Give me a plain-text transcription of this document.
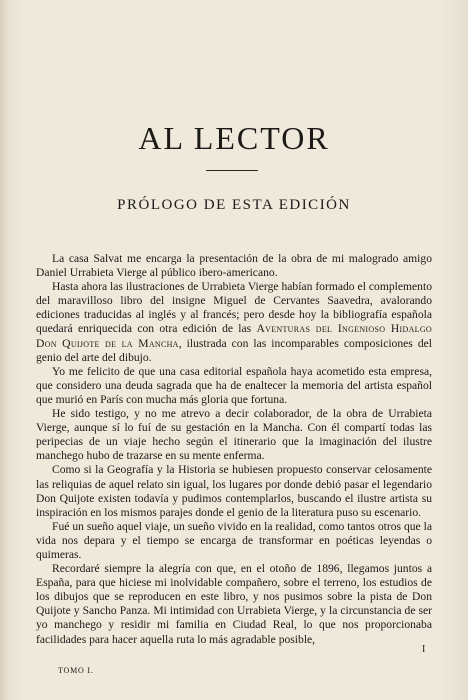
AL LECTOR
PRÓLOGO DE ESTA EDICIÓN

La casa Salvat me encarga la presentación de la obra de mi malogrado amigo Daniel Urrabieta Vierge al público ibero-americano.

Hasta ahora las ilustraciones de Urrabieta Vierge habían formado el complemento del maravilloso libro del insigne Miguel de Cervantes Saavedra, avalorando ediciones traducidas al inglés y al francés; pero desde hoy la bibliografía española quedará enriquecida con otra edición de las Aventuras del Ingenioso Hidalgo Don Quijote de la Mancha, ilustrada con las incomparables composiciones del genio del arte del dibujo.

Yo me felicito de que una casa editorial española haya acometido esta empresa, que considero una deuda sagrada que ha de enaltecer la memoria del artista español que murió en París con mucha más gloria que fortuna.

He sido testigo, y no me atrevo a decir colaborador, de la obra de Urrabieta Vierge, aunque sí lo fuí de su gestación en la Mancha. Con él compartí todas las peripecias de un viaje hecho según el itinerario que la imaginación del ilustre manchego hubo de trazarse en su mente enferma.

Como si la Geografía y la Historia se hubiesen propuesto conservar celosamente las reliquias de aquel relato sin igual, los lugares por donde debió pasar el legendario Don Quijote existen todavía y pudimos contemplarlos, buscando el ilustre artista su inspiración en los mismos parajes donde el genio de la literatura puso su escenario.

Fué un sueño aquel viaje, un sueño vivido en la realidad, como tantos otros que la vida nos depara y el tiempo se encarga de transformar en poéticas leyendas o quimeras.

Recordaré siempre la alegría con que, en el otoño de 1896, llegamos juntos a España, para que hiciese mi inolvidable compañero, sobre el terreno, los estudios de los dibujos que se reproducen en este libro, y nos pusimos sobre la pista de Don Quijote y Sancho Panza. Mi intimidad con Urrabieta Vierge, y la circunstancia de ser yo manchego y residir mi familia en Ciudad Real, lo que nos proporcionaba facilidades para hacer aquella ruta lo más agradable posible,

TOMO I.
I
